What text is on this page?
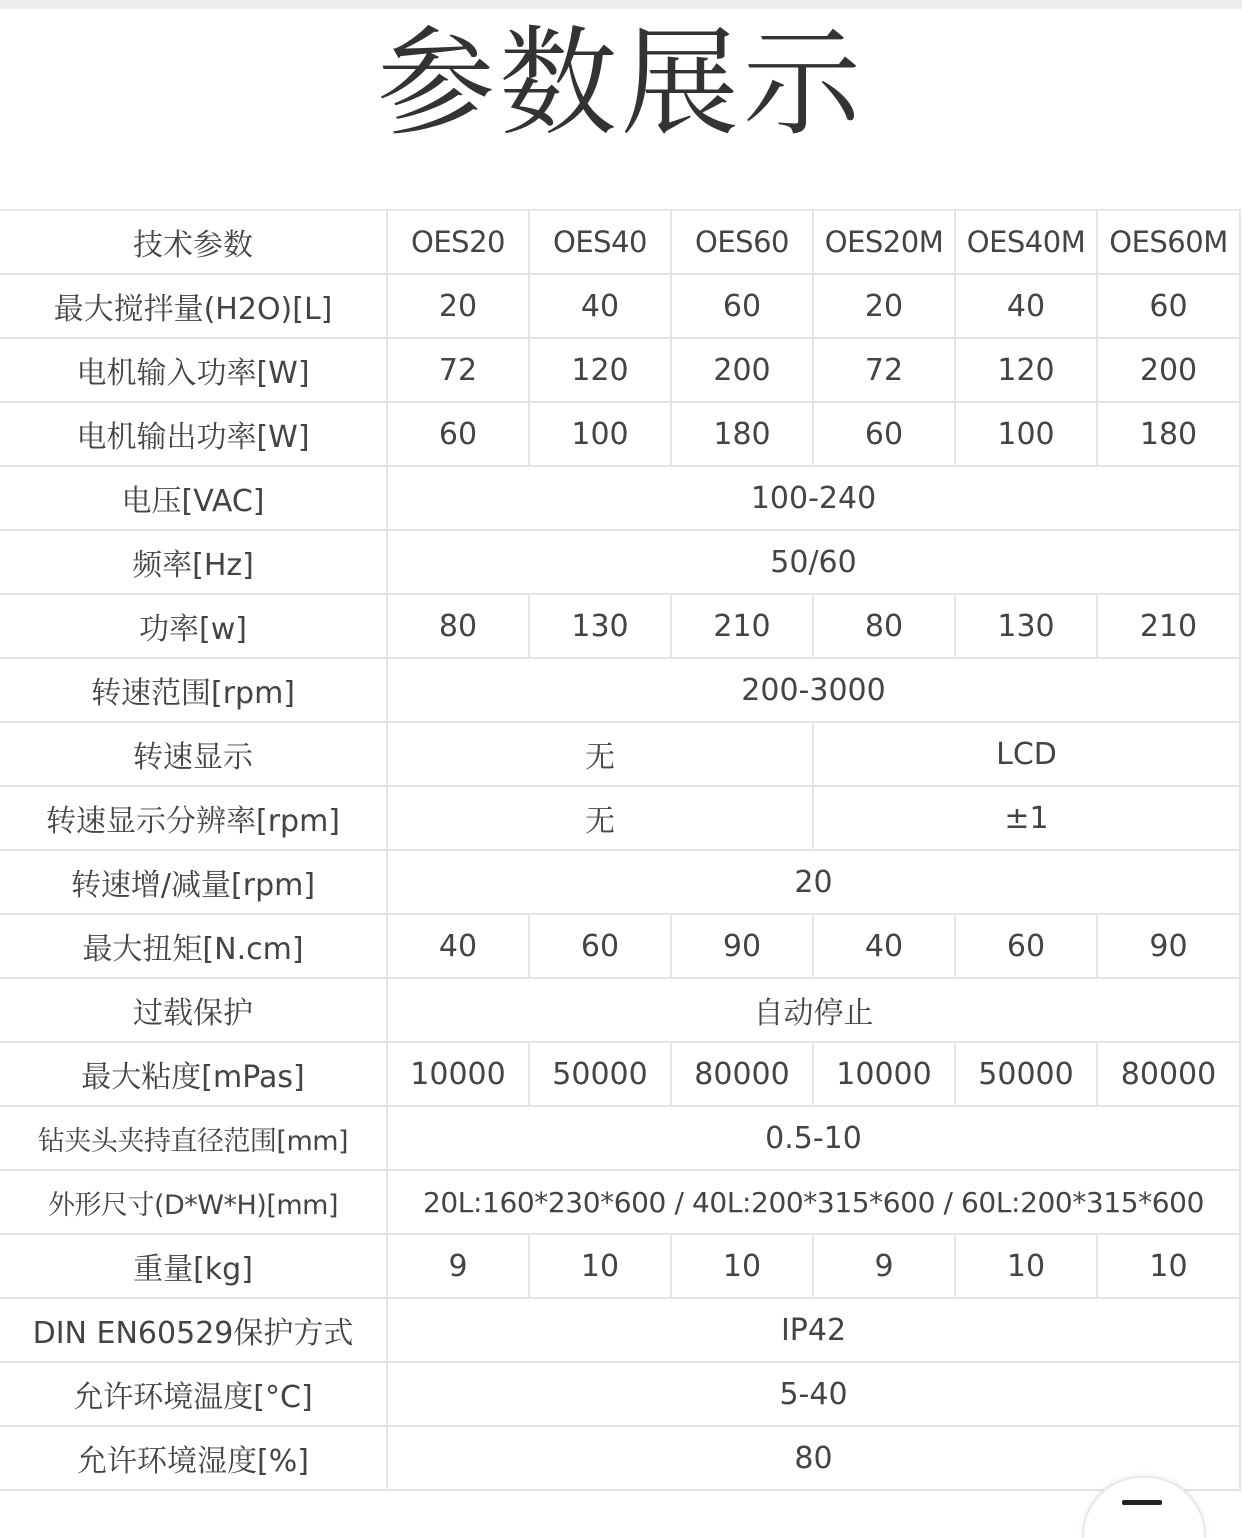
参数展示
技术参数	OES20	OES40	OES60	OES20M	OES40M	OES60M
最大搅拌量(H2O)[L]	20	40	60	20	40	60
电机输入功率[W]	72	120	200	72	120	200
电机输出功率[W]	60	100	180	60	100	180
电压[VAC]	100-240					
频率[Hz]	50/60					
功率[w]	80	130	210	80	130	210
转速范围[rpm]	200-3000					
转速显示	无			LCD		
转速显示分辨率[rpm]	无			±1		
转速增/减量[rpm]	20					
最大扭矩[N.cm]	40	60	90	40	60	90
过载保护	自动停止					
最大粘度[mPas]	10000	50000	80000	10000	50000	80000
钻夹头夹持直径范围[mm]	0.5-10					
外形尺寸(D*W*H)[mm]	20L:160*230*600 / 40L:200*315*600 / 60L:200*315*600					
重量[kg]	9	10	10	9	10	10
DIN EN60529保护方式	IP42					
允许环境温度[°C]	5-40					
允许环境湿度[%]	80					
